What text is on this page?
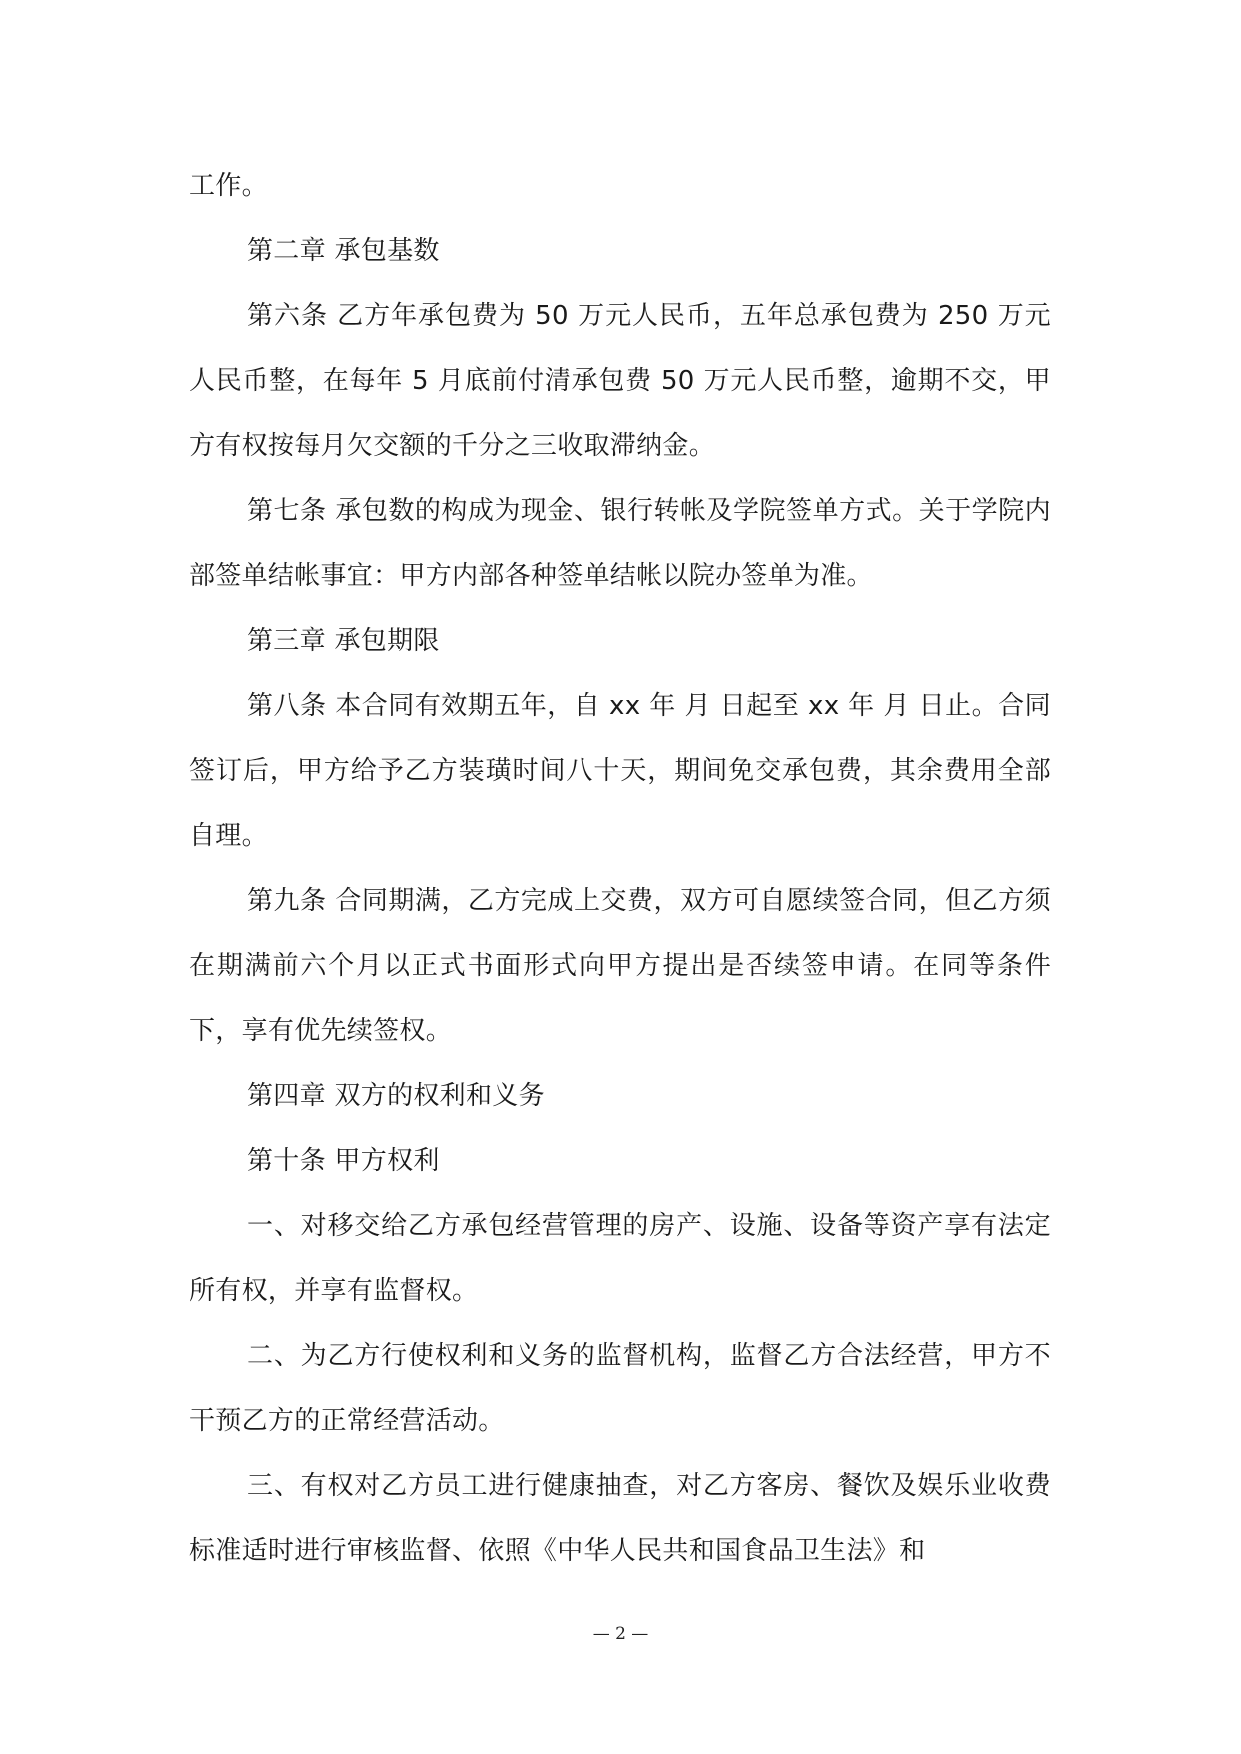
工作。

第二章 承包基数

第六条 乙方年承包费为 50 万元人民币，五年总承包费为 250 万元人民币整，在每年 5 月底前付清承包费 50 万元人民币整，逾期不交，甲方有权按每月欠交额的千分之三收取滞纳金。

第七条 承包数的构成为现金、银行转帐及学院签单方式。关于学院内部签单结帐事宜：甲方内部各种签单结帐以院办签单为准。

第三章 承包期限

第八条 本合同有效期五年，自 xx 年 月 日起至 xx 年 月 日止。合同签订后，甲方给予乙方装璜时间八十天，期间免交承包费，其余费用全部自理。

第九条 合同期满，乙方完成上交费，双方可自愿续签合同，但乙方须在期满前六个月以正式书面形式向甲方提出是否续签申请。在同等条件下，享有优先续签权。

第四章 双方的权利和义务

第十条 甲方权利

一、对移交给乙方承包经营管理的房产、设施、设备等资产享有法定所有权，并享有监督权。

二、为乙方行使权利和义务的监督机构，监督乙方合法经营，甲方不干预乙方的正常经营活动。

三、有权对乙方员工进行健康抽查，对乙方客房、餐饮及娱乐业收费标准适时进行审核监督、依照《中华人民共和国食品卫生法》和

— 2 —
